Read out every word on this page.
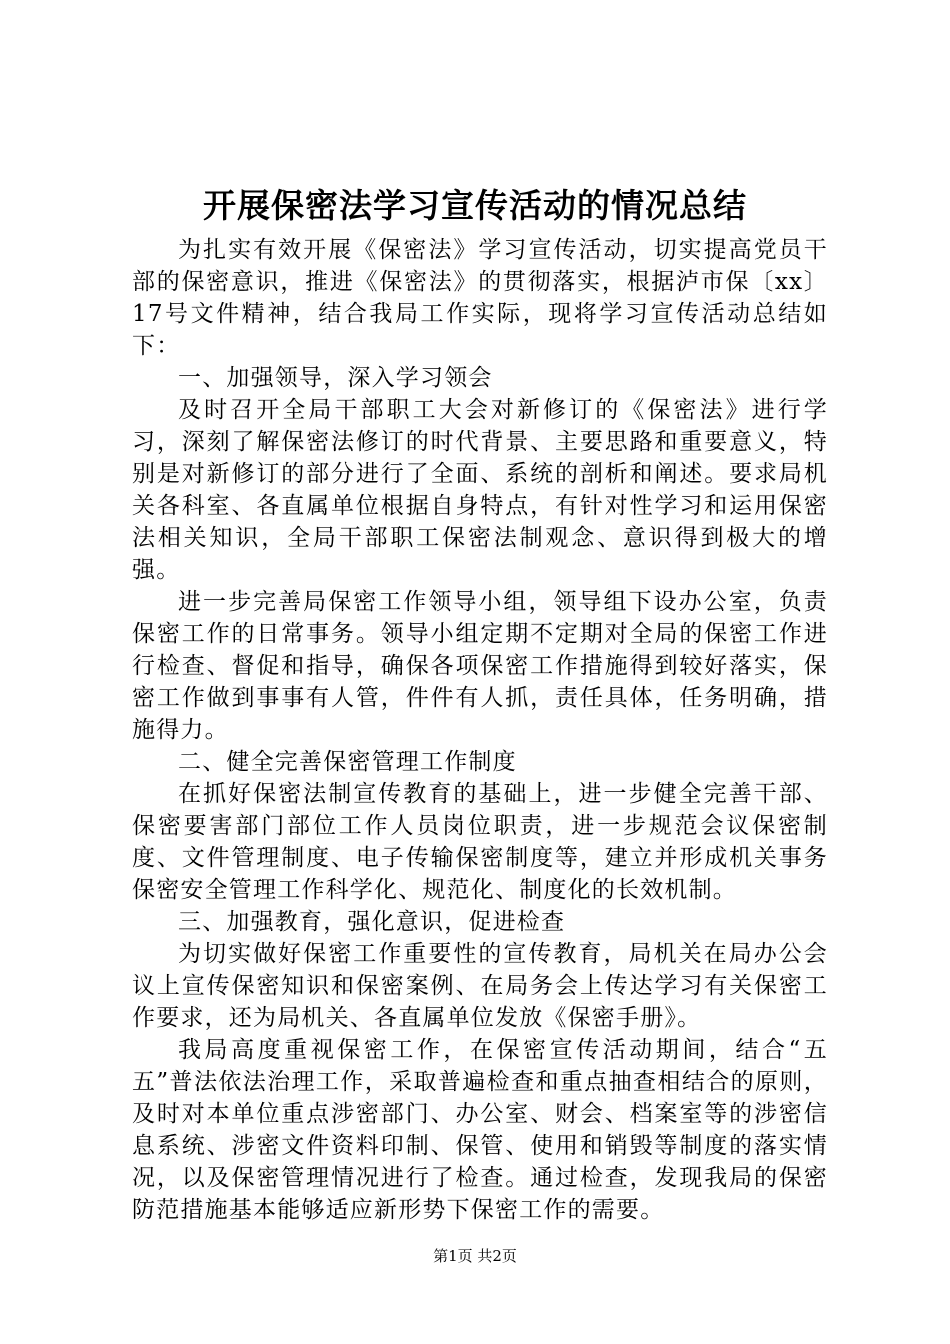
开展保密法学习宣传活动的情况总结

为扎实有效开展《保密法》学习宣传活动，切实提高党员干部的保密意识，推进《保密法》的贯彻落实，根据泸市保〔xx〕17号文件精神，结合我局工作实际，现将学习宣传活动总结如下：

一、加强领导，深入学习领会

及时召开全局干部职工大会对新修订的《保密法》进行学习，深刻了解保密法修订的时代背景、主要思路和重要意义，特别是对新修订的部分进行了全面、系统的剖析和阐述。要求局机关各科室、各直属单位根据自身特点，有针对性学习和运用保密法相关知识，全局干部职工保密法制观念、意识得到极大的增强。

进一步完善局保密工作领导小组，领导组下设办公室，负责保密工作的日常事务。领导小组定期不定期对全局的保密工作进行检查、督促和指导，确保各项保密工作措施得到较好落实，保密工作做到事事有人管，件件有人抓，责任具体，任务明确，措施得力。

二、健全完善保密管理工作制度

在抓好保密法制宣传教育的基础上，进一步健全完善干部、保密要害部门部位工作人员岗位职责，进一步规范会议保密制度、文件管理制度、电子传输保密制度等，建立并形成机关事务保密安全管理工作科学化、规范化、制度化的长效机制。

三、加强教育，强化意识，促进检查

为切实做好保密工作重要性的宣传教育，局机关在局办公会议上宣传保密知识和保密案例、在局务会上传达学习有关保密工作要求，还为局机关、各直属单位发放《保密手册》。

我局高度重视保密工作，在保密宣传活动期间，结合“五五”普法依法治理工作，采取普遍检查和重点抽查相结合的原则，及时对本单位重点涉密部门、办公室、财会、档案室等的涉密信息系统、涉密文件资料印制、保管、使用和销毁等制度的落实情况，以及保密管理情况进行了检查。通过检查，发现我局的保密防范措施基本能够适应新形势下保密工作的需要。

第1页 共2页
